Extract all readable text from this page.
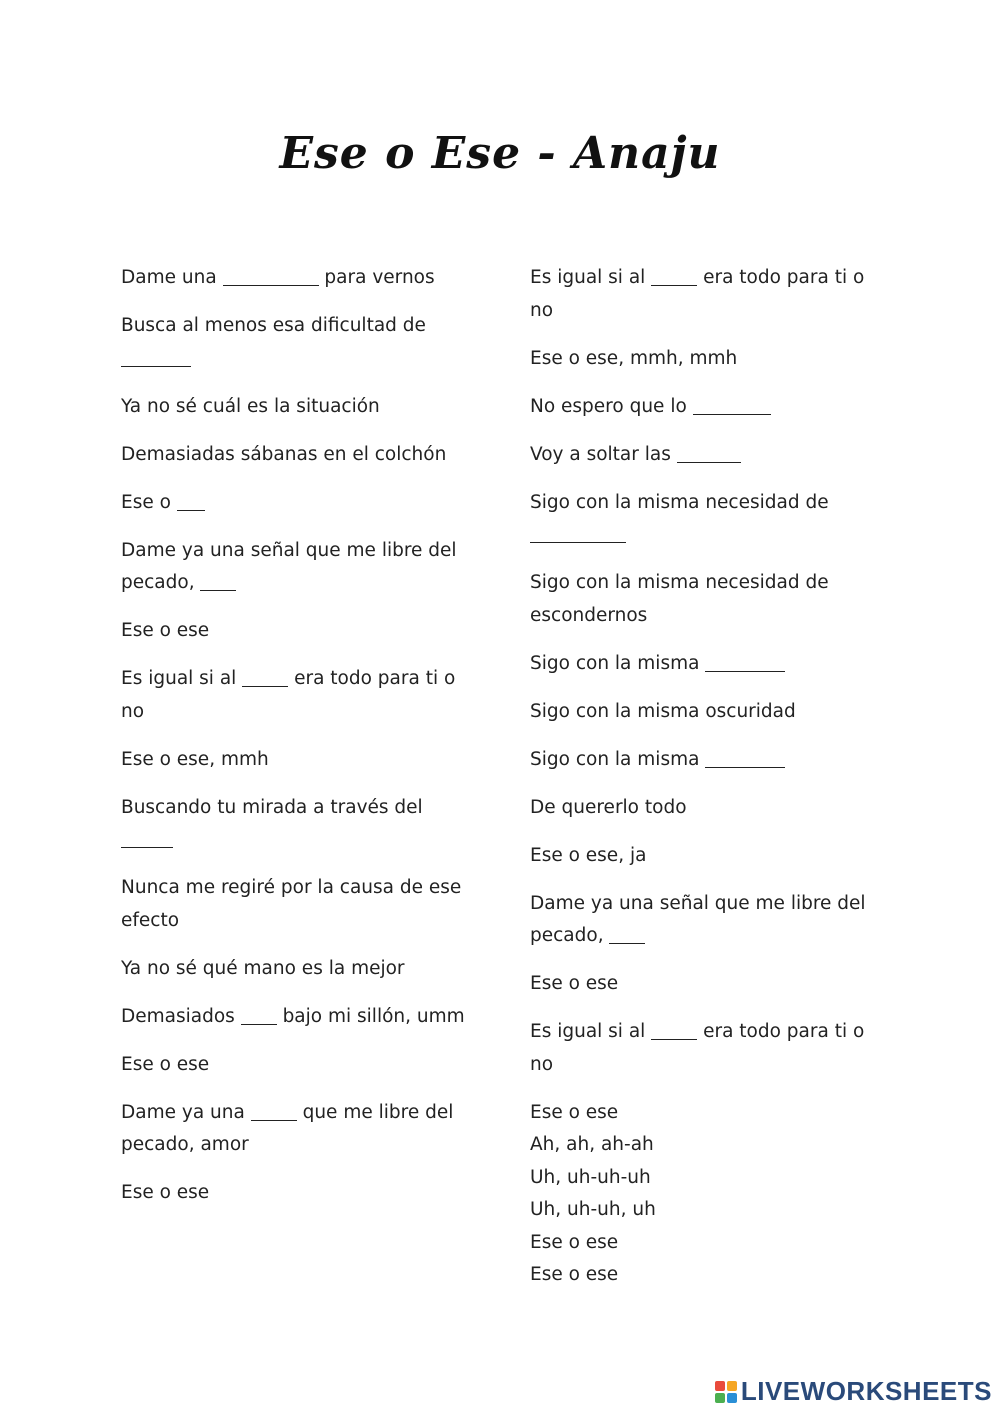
Ese o Ese - Anaju
Dame una	para vernos
Busca al menos esa dificultad de
Ya no sé cuál es la situación
Demasiadas sábanas en el colchón
Ese o
Dame ya una señal que me libre del pecado,
Ese o ese
Es igual si al  era todo para ti o no
Ese o ese, mmh
Buscando tu mirada a través del
Nunca me regiré por la causa de ese efecto
Ya no sé qué mano es la mejor
Demasiados  bajo mi sillón, umm
Ese o ese
Dame ya una  que me libre del pecado, amor
Ese o ese
Es igual si al  era todo para ti o no
Ese o ese, mmh, mmh
No espero que lo
Voy a soltar las
Sigo con la misma necesidad de
Sigo con la misma necesidad de escondernos
Sigo con la misma
Sigo con la misma oscuridad
Sigo con la misma
De quererlo todo
Ese o ese, ja
Dame ya una señal que me libre del pecado,
Ese o ese
Es igual si al  era todo para ti o no
Ese o ese
Ah, ah, ah-ah
Uh, uh-uh-uh
Uh, uh-uh, uh
Ese o ese
Ese o ese
LIVEWORKSHEETS
